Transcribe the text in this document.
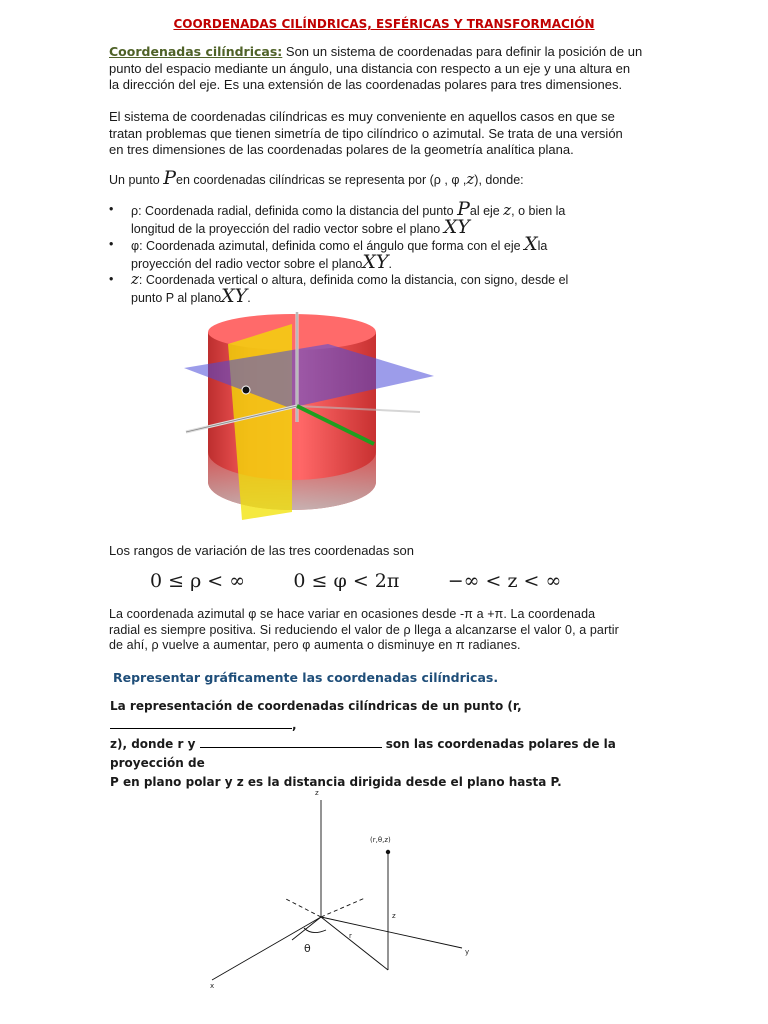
COORDENADAS CILÍNDRICAS, ESFÉRICAS Y TRANSFORMACIÓN
Coordenadas cilíndricas: Son un sistema de coordenadas para definir la posición de un
punto del espacio mediante un ángulo, una distancia con respecto a un eje y una altura en
la dirección del eje. Es una extensión de las coordenadas polares para tres dimensiones.
El sistema de coordenadas cilíndricas es muy conveniente en aquellos casos en que se
tratan problemas que tienen simetría de tipo cilíndrico o azimutal. Se trata de una versión
en tres dimensiones de las coordenadas polares de la geometría analítica plana.
Un punto Pen coordenadas cilíndricas se representa por (ρ , φ ,z), donde:
• ρ: Coordenada radial, definida como la distancia del punto Pal eje z, o bien la
longitud de la proyección del radio vector sobre el plano XY
• φ: Coordenada azimutal, definida como el ángulo que forma con el eje Xla
proyección del radio vector sobre el planoXY.
• z: Coordenada vertical o altura, definida como la distancia, con signo, desde el
punto P al planoXY.
Los rangos de variación de las tres coordenadas son
0 ≤ ρ < ∞	0 ≤ φ < 2π	−∞ < z < ∞
La coordenada azimutal φ se hace variar en ocasiones desde -π a +π. La coordenada
radial es siempre positiva. Si reduciendo el valor de ρ llega a alcanzarse el valor 0, a partir
de ahí, ρ vuelve a aumentar, pero φ aumenta o disminuye en π radianes.
Representar gráficamente las coordenadas cilíndricas.
La representación de coordenadas cilíndricas de un punto (r, ,
z), donde r y	son las coordenadas polares de la proyección de
P en plano polar y z es la distancia dirigida desde el plano hasta P.
z
(r,θ,z)
θ
r
z
y
x
